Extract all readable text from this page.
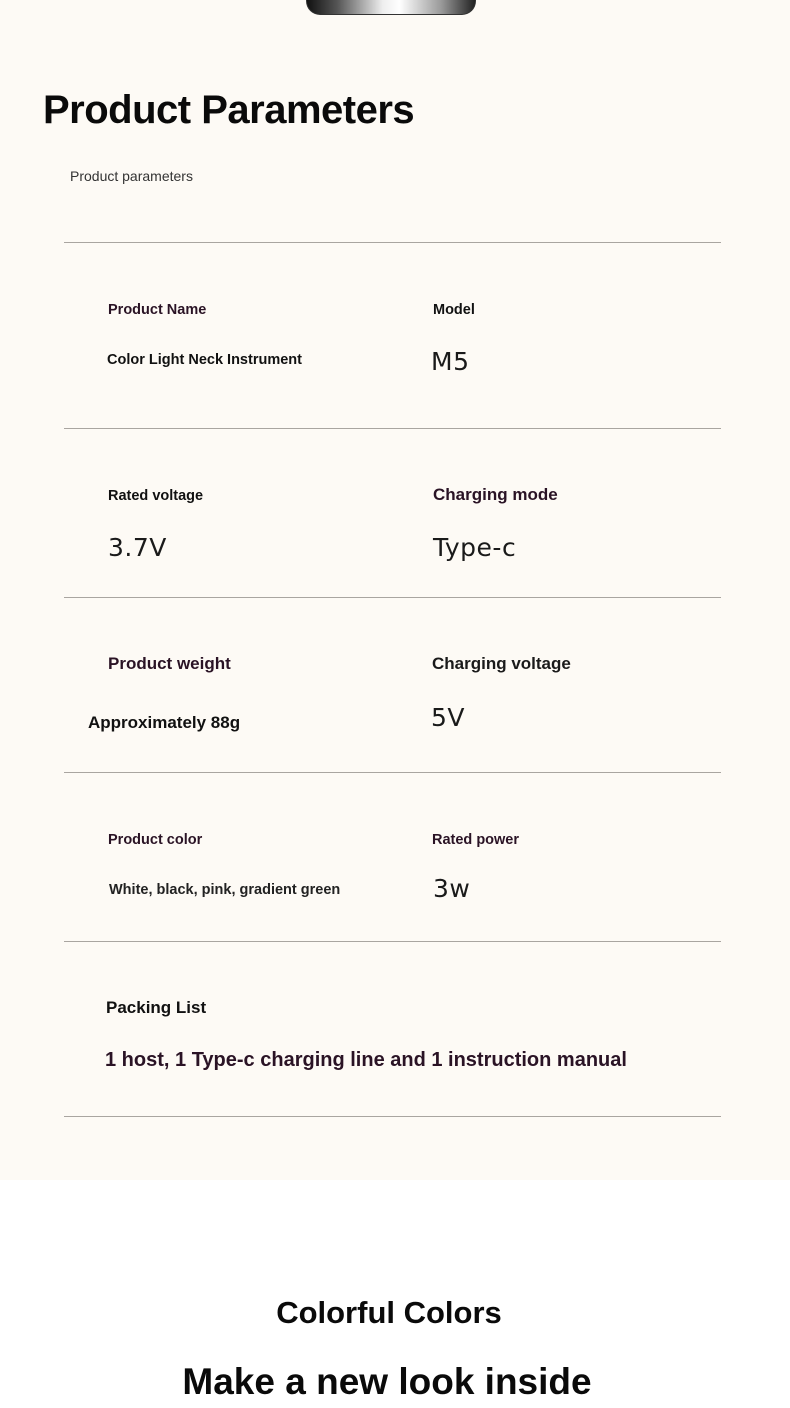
Product Parameters
Product parameters
Product Name
Color Light Neck Instrument
Model
M5
Rated voltage
3.7V
Charging mode
Type-c
Product weight
Approximately 88g
Charging voltage
5V
Product color
White, black, pink, gradient green
Rated power
3w
Packing List
1 host, 1 Type-c charging line and 1 instruction manual
Colorful Colors
Make a new look inside
